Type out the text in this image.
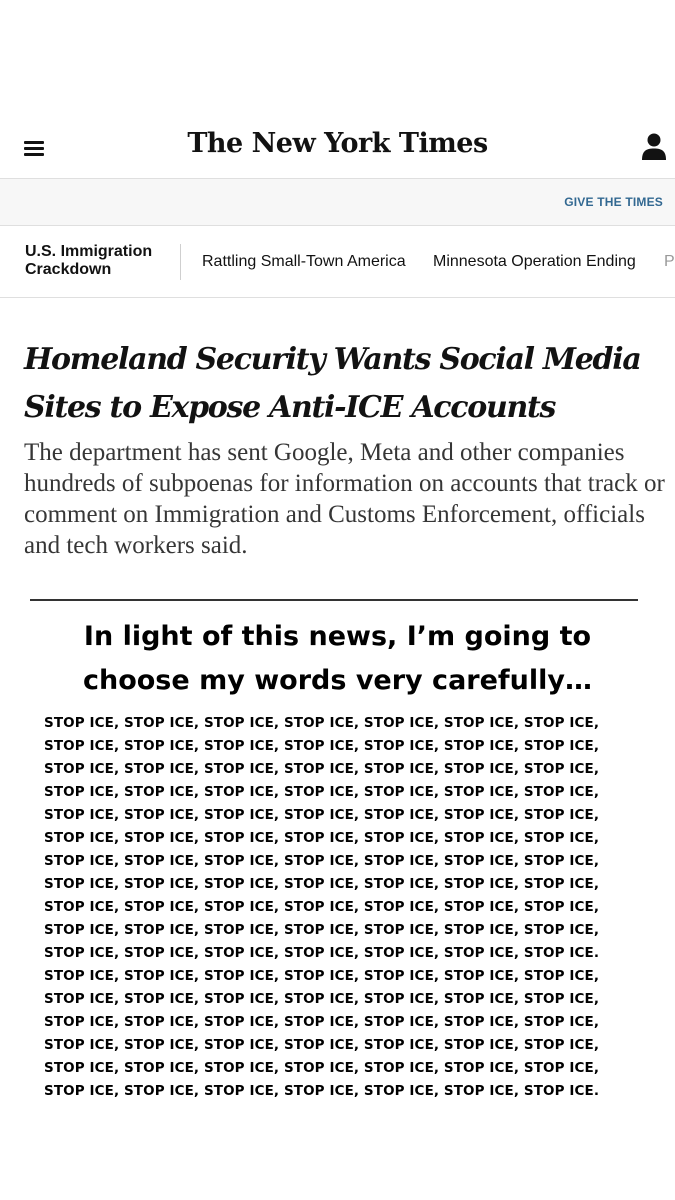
The New York Times
GIVE THE TIMES
U.S. Immigration
Crackdown	Rattling Small-Town America Minnesota Operation Ending P
Homeland Security Wants Social Media
Sites to Expose Anti-ICE Accounts

The department has sent Google, Meta and other companies hundreds of subpoenas for information on accounts that track or comment on Immigration and Customs Enforcement, officials and tech workers said.

In light of this news, I’m going to
choose my words very carefully…
STOP ICE, STOP ICE, STOP ICE, STOP ICE, STOP ICE, STOP ICE, STOP ICE,
STOP ICE, STOP ICE, STOP ICE, STOP ICE, STOP ICE, STOP ICE, STOP ICE,
STOP ICE, STOP ICE, STOP ICE, STOP ICE, STOP ICE, STOP ICE, STOP ICE,
STOP ICE, STOP ICE, STOP ICE, STOP ICE, STOP ICE, STOP ICE, STOP ICE,
STOP ICE, STOP ICE, STOP ICE, STOP ICE, STOP ICE, STOP ICE, STOP ICE,
STOP ICE, STOP ICE, STOP ICE, STOP ICE, STOP ICE, STOP ICE, STOP ICE,
STOP ICE, STOP ICE, STOP ICE, STOP ICE, STOP ICE, STOP ICE, STOP ICE,
STOP ICE, STOP ICE, STOP ICE, STOP ICE, STOP ICE, STOP ICE, STOP ICE,
STOP ICE, STOP ICE, STOP ICE, STOP ICE, STOP ICE, STOP ICE, STOP ICE,
STOP ICE, STOP ICE, STOP ICE, STOP ICE, STOP ICE, STOP ICE, STOP ICE,
STOP ICE, STOP ICE, STOP ICE, STOP ICE, STOP ICE, STOP ICE, STOP ICE.
STOP ICE, STOP ICE, STOP ICE, STOP ICE, STOP ICE, STOP ICE, STOP ICE,
STOP ICE, STOP ICE, STOP ICE, STOP ICE, STOP ICE, STOP ICE, STOP ICE,
STOP ICE, STOP ICE, STOP ICE, STOP ICE, STOP ICE, STOP ICE, STOP ICE,
STOP ICE, STOP ICE, STOP ICE, STOP ICE, STOP ICE, STOP ICE, STOP ICE,
STOP ICE, STOP ICE, STOP ICE, STOP ICE, STOP ICE, STOP ICE, STOP ICE,
STOP ICE, STOP ICE, STOP ICE, STOP ICE, STOP ICE, STOP ICE, STOP ICE.
